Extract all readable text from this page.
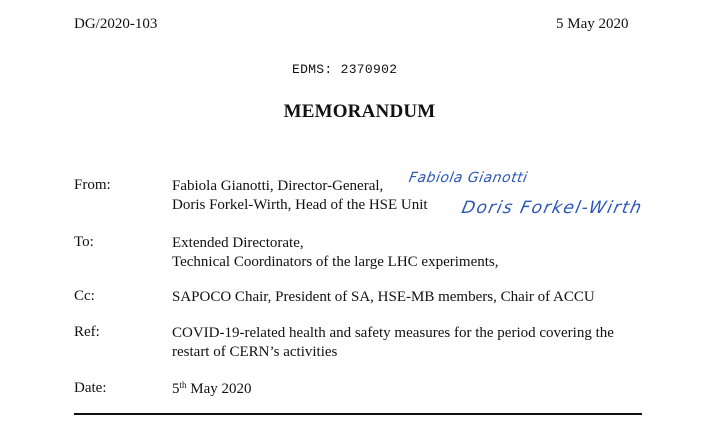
DG/2020-103	5 May 2020
EDMS: 2370902
MEMORANDUM
From:	Fabiola Gianotti, Director-General,
Doris Forkel-Wirth, Head of the HSE Unit
Fabiola Gianotti
Doris Forkel-Wirth
To:	Extended Directorate,
Technical Coordinators of the large LHC experiments,
Cc:	SAPOCO Chair, President of SA, HSE-MB members, Chair of ACCU
Ref:	COVID-19-related health and safety measures for the period covering the
restart of CERN’s activities
Date:	5th May 2020
